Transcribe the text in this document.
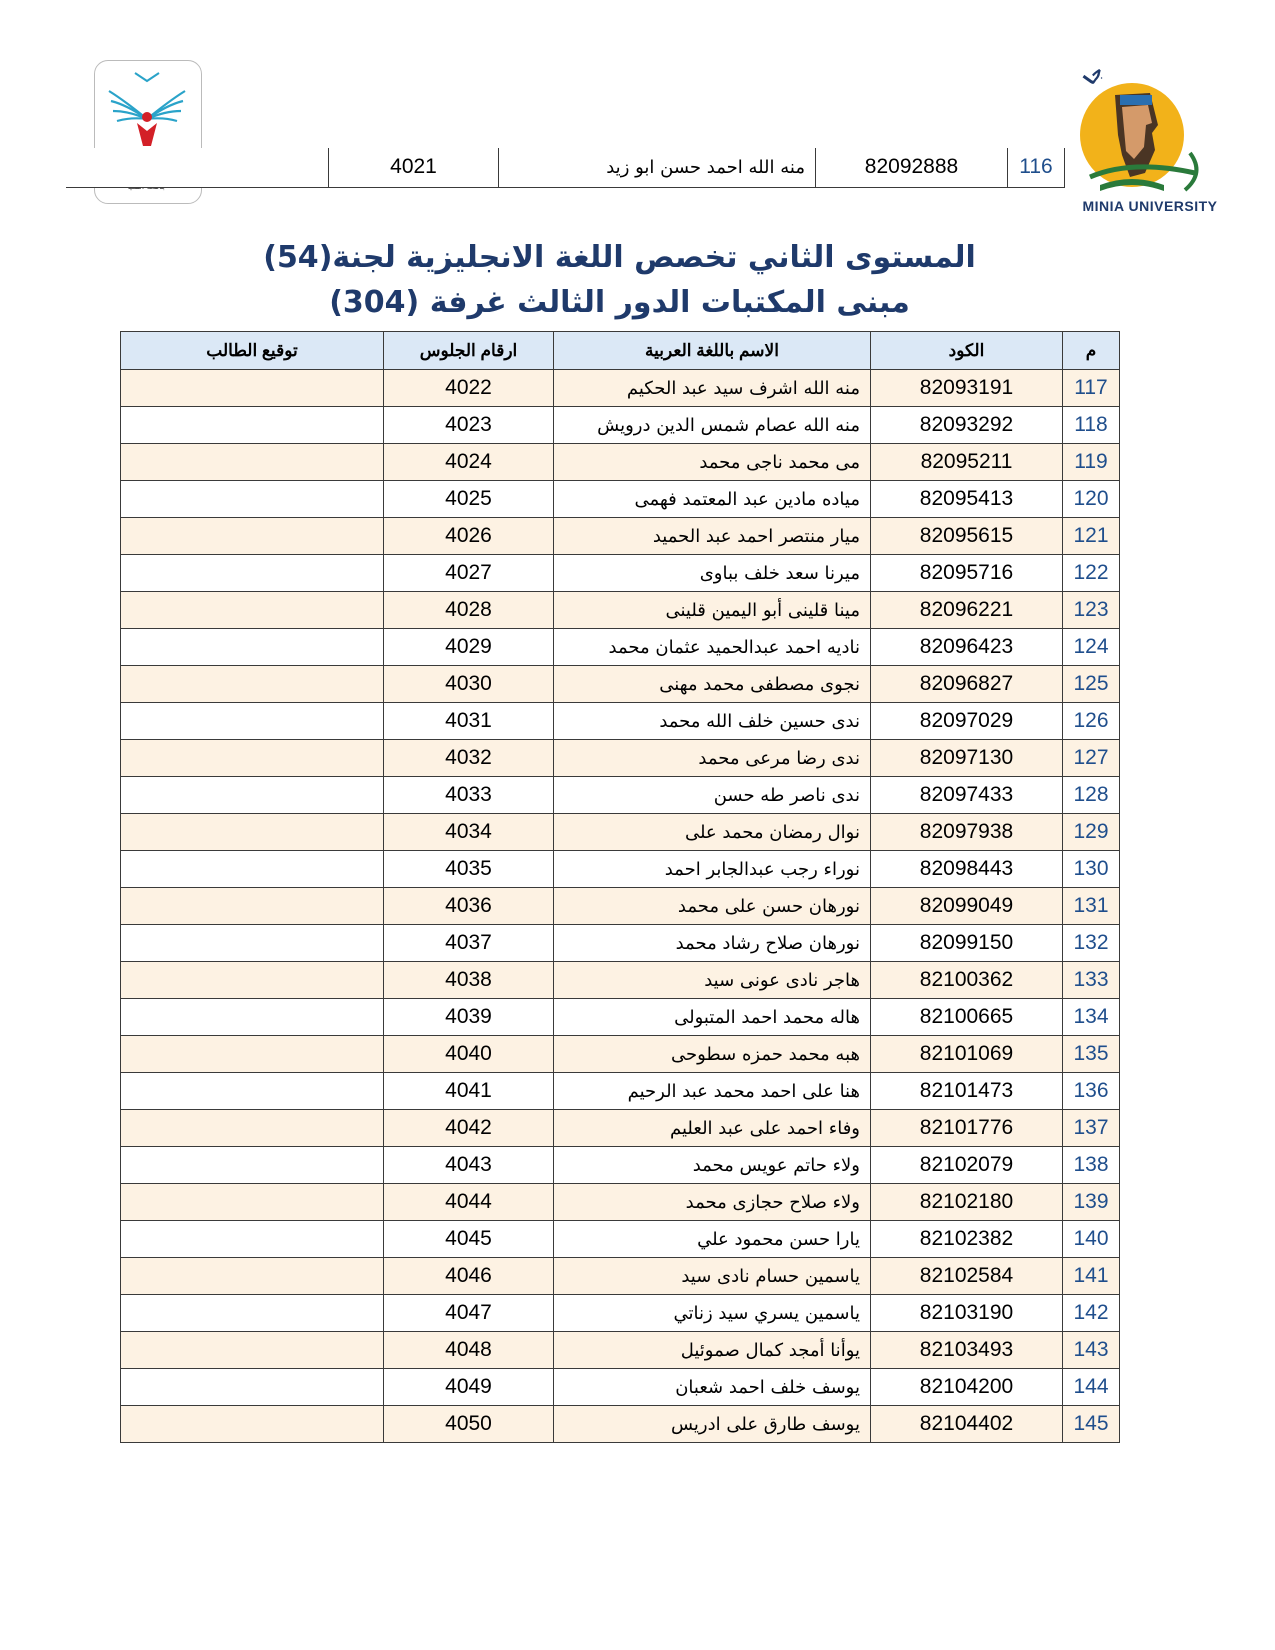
جا
MINIA UNIVERSITY
116	82092888	منه الله احمد حسن ابو زيد	4021	
المستوى الثاني تخصص اللغة الانجليزية لجنة(54)
مبنى المكتبات الدور الثالث غرفة (304)
م	الكود	الاسم باللغة العربية	ارقام الجلوس	توقيع الطالب
117	82093191	منه الله اشرف سيد عبد الحكيم	4022	
118	82093292	منه الله عصام شمس الدين درويش	4023	
119	82095211	مى محمد ناجى محمد	4024	
120	82095413	مياده مادين عبد المعتمد فهمى	4025	
121	82095615	ميار منتصر احمد عبد الحميد	4026	
122	82095716	ميرنا سعد خلف بباوى	4027	
123	82096221	مينا قلينى أبو اليمين قلينى	4028	
124	82096423	ناديه احمد عبدالحميد عثمان محمد	4029	
125	82096827	نجوى مصطفى محمد مهنى	4030	
126	82097029	ندى حسين خلف الله محمد	4031	
127	82097130	ندى رضا مرعى محمد	4032	
128	82097433	ندى ناصر طه حسن	4033	
129	82097938	نوال رمضان محمد على	4034	
130	82098443	نوراء رجب عبدالجابر احمد	4035	
131	82099049	نورهان حسن على محمد	4036	
132	82099150	نورهان صلاح رشاد محمد	4037	
133	82100362	هاجر نادى عونى سيد	4038	
134	82100665	هاله محمد احمد المتبولى	4039	
135	82101069	هبه محمد حمزه سطوحى	4040	
136	82101473	هنا على احمد محمد عبد الرحيم	4041	
137	82101776	وفاء احمد على عبد العليم	4042	
138	82102079	ولاء حاتم عويس محمد	4043	
139	82102180	ولاء صلاح حجازى محمد	4044	
140	82102382	يارا حسن محمود علي	4045	
141	82102584	ياسمين حسام نادى سيد	4046	
142	82103190	ياسمين يسري سيد زناتي	4047	
143	82103493	يوأنا أمجد كمال صموئيل	4048	
144	82104200	يوسف خلف احمد شعبان	4049	
145	82104402	يوسف طارق على ادريس	4050	
